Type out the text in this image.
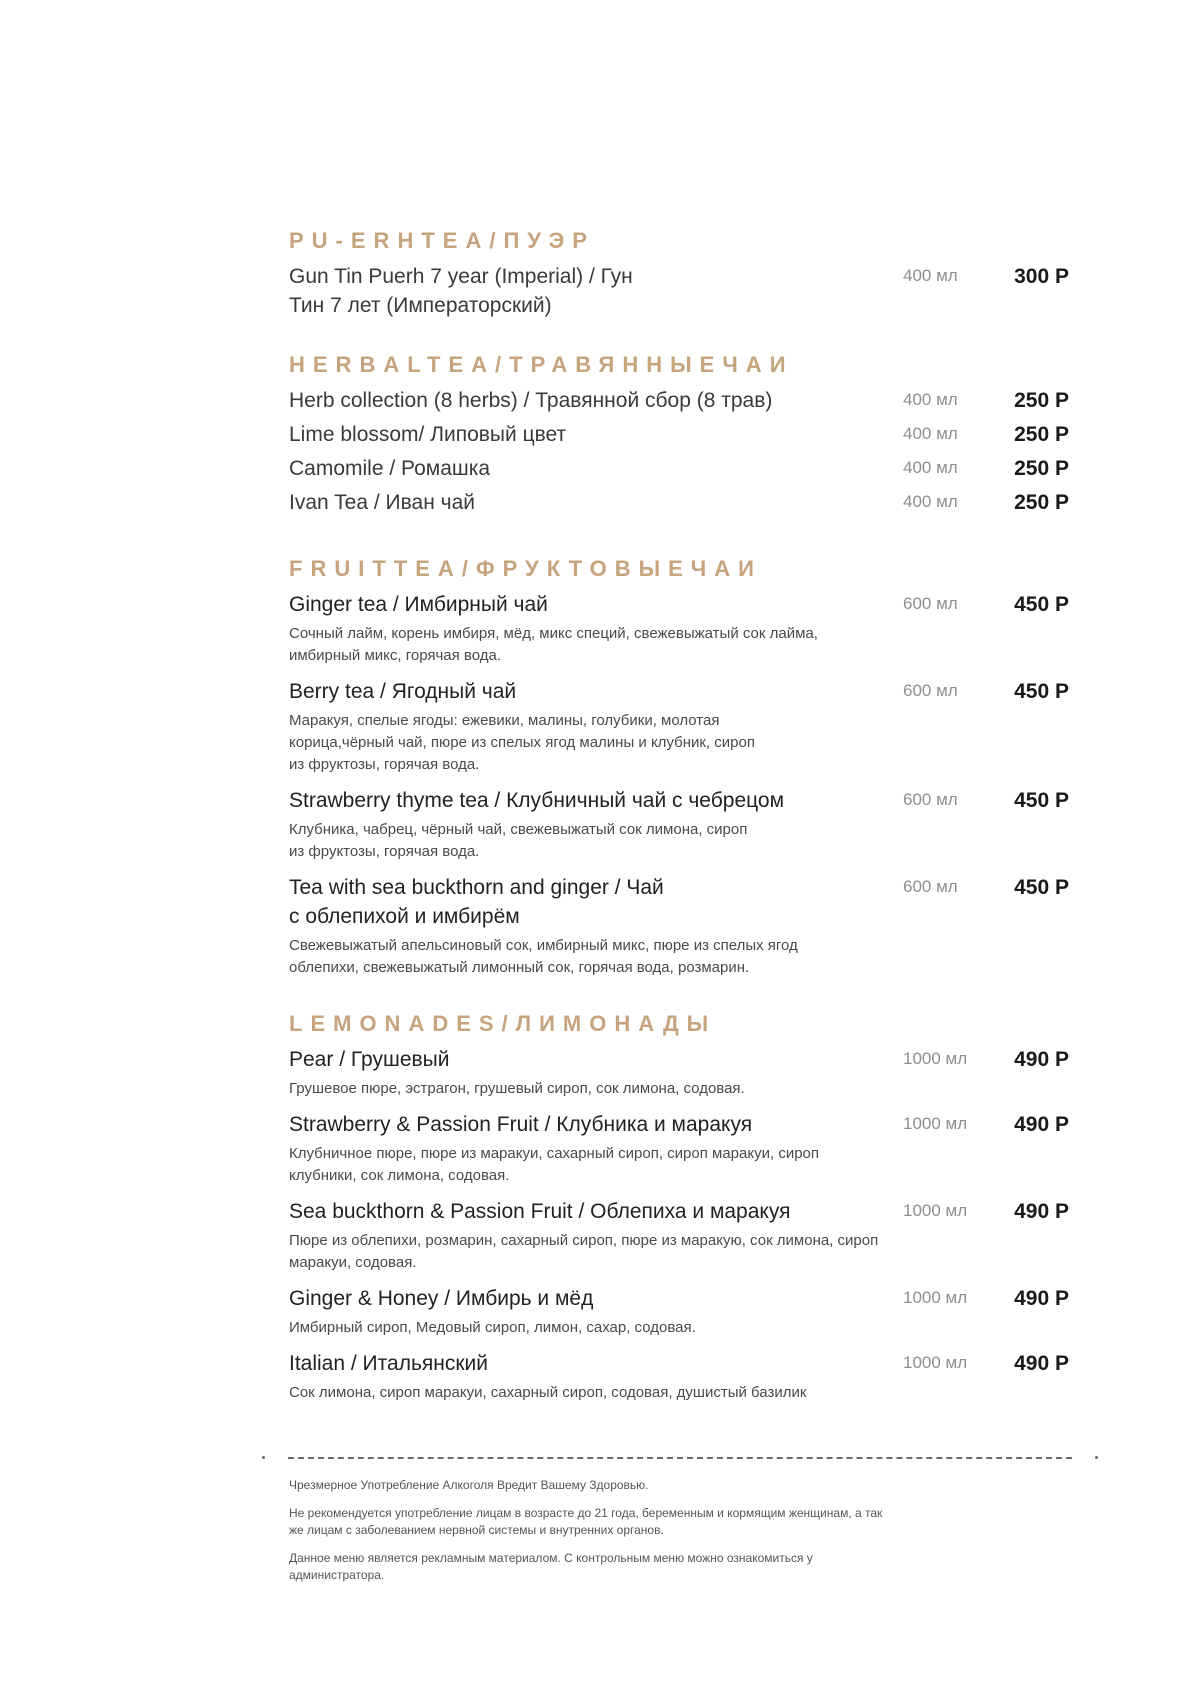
PU-ERHTEA/ПУЭР
Gun Tin Puerh 7 year (Imperial) / Гун Тин 7 лет (Императорский)
400 мл	300 Р
HERBALTEA/ТРАВЯННЫЕЧАИ
Herb collection (8 herbs) / Травянной сбор (8 трав)	400 мл	250 Р
Lime blossom/ Липовый цвет	400 мл	250 Р
Camomile / Ромашка	400 мл	250 Р
Ivan Tea / Иван чай	400 мл	250 Р
FRUITTEA/ФРУКТОВЫЕЧАИ
Ginger tea / Имбирный чай	600 мл	450 Р
Сочный лайм, корень имбиря, мёд, микс специй, свежевыжатый сок лайма, имбирный микс, горячая вода.
Berry tea / Ягодный чай	600 мл	450 Р
Маракуя, спелые ягоды: ежевики, малины, голубики, молотая корица,чёрный чай, пюре из спелых ягод малины и клубник, сироп из фруктозы, горячая вода.
Strawberry thyme tea / Клубничный чай с чебрецом	600 мл	450 Р
Клубника, чабрец, чёрный чай, свежевыжатый сок лимона, сироп из фруктозы, горячая вода.
Tea with sea buckthorn and ginger / Чай с облепихой и имбирём
600 мл	450 Р
Свежевыжатый апельсиновый сок, имбирный микс, пюре из спелых ягод облепихи, свежевыжатый лимонный сок, горячая вода, розмарин.
LEMONADES/ЛИМОНАДЫ
Pear / Грушевый	1000 мл 490 Р
Грушевое пюре, эстрагон, грушевый сироп, сок лимона, содовая.
Strawberry & Passion Fruit / Клубника и маракуя	1000 мл 490 Р
Клубничное пюре, пюре из маракуи, сахарный сироп, сироп маракуи, сироп клубники, сок лимона, содовая.
Sea buckthorn & Passion Fruit / Облепиха и маракуя	1000 мл 490 Р
Пюре из облепихи, розмарин, сахарный сироп, пюре из маракую, сок лимона, сироп маракуи, содовая.
Ginger & Honey / Имбирь и мёд	1000 мл 490 Р
Имбирный сироп, Медовый сироп, лимон, сахар, содовая.
Italian / Итальянский	1000 мл 490 Р
Сок лимона, сироп маракуи, сахарный сироп, содовая, душистый базилик
Чрезмерное Употребление Алкоголя Вредит Вашему Здоровью.
Не рекомендуется употребление лицам в возрасте до 21 года, беременным и кормящим женщинам, а так же лицам с заболеванием нервной системы и внутренних органов.
Данное меню является рекламным материалом. С контрольным меню можно ознакомиться у администратора.
